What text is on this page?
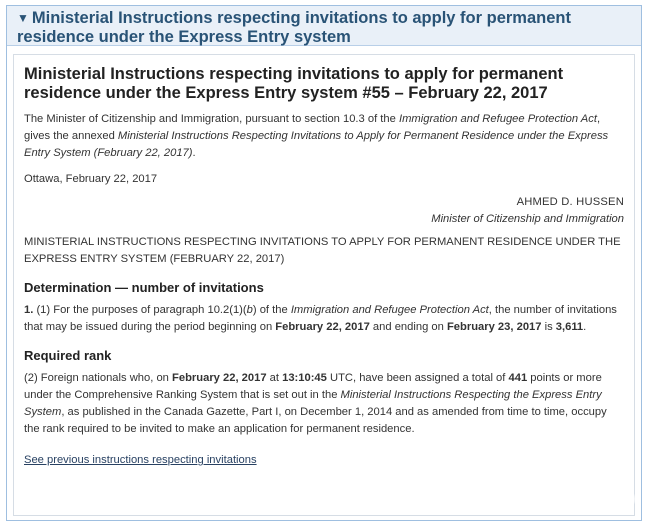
▼ Ministerial Instructions respecting invitations to apply for permanent residence under the Express Entry system
Ministerial Instructions respecting invitations to apply for permanent residence under the Express Entry system #55 – February 22, 2017

The Minister of Citizenship and Immigration, pursuant to section 10.3 of the Immigration and Refugee Protection Act, gives the annexed Ministerial Instructions Respecting Invitations to Apply for Permanent Residence under the Express Entry System (February 22, 2017).

Ottawa, February 22, 2017

AHMED D. HUSSEN
Minister of Citizenship and Immigration

MINISTERIAL INSTRUCTIONS RESPECTING INVITATIONS TO APPLY FOR PERMANENT RESIDENCE UNDER THE EXPRESS ENTRY SYSTEM (FEBRUARY 22, 2017)

Determination — number of invitations

1. (1) For the purposes of paragraph 10.2(1)(b) of the Immigration and Refugee Protection Act, the number of invitations that may be issued during the period beginning on February 22, 2017 and ending on February 23, 2017 is 3,611.

Required rank

(2) Foreign nationals who, on February 22, 2017 at 13:10:45 UTC, have been assigned a total of 441 points or more under the Comprehensive Ranking System that is set out in the Ministerial Instructions Respecting the Express Entry System, as published in the Canada Gazette, Part I, on December 1, 2014 and as amended from time to time, occupy the rank required to be invited to make an application for permanent residence.

See previous instructions respecting invitations
